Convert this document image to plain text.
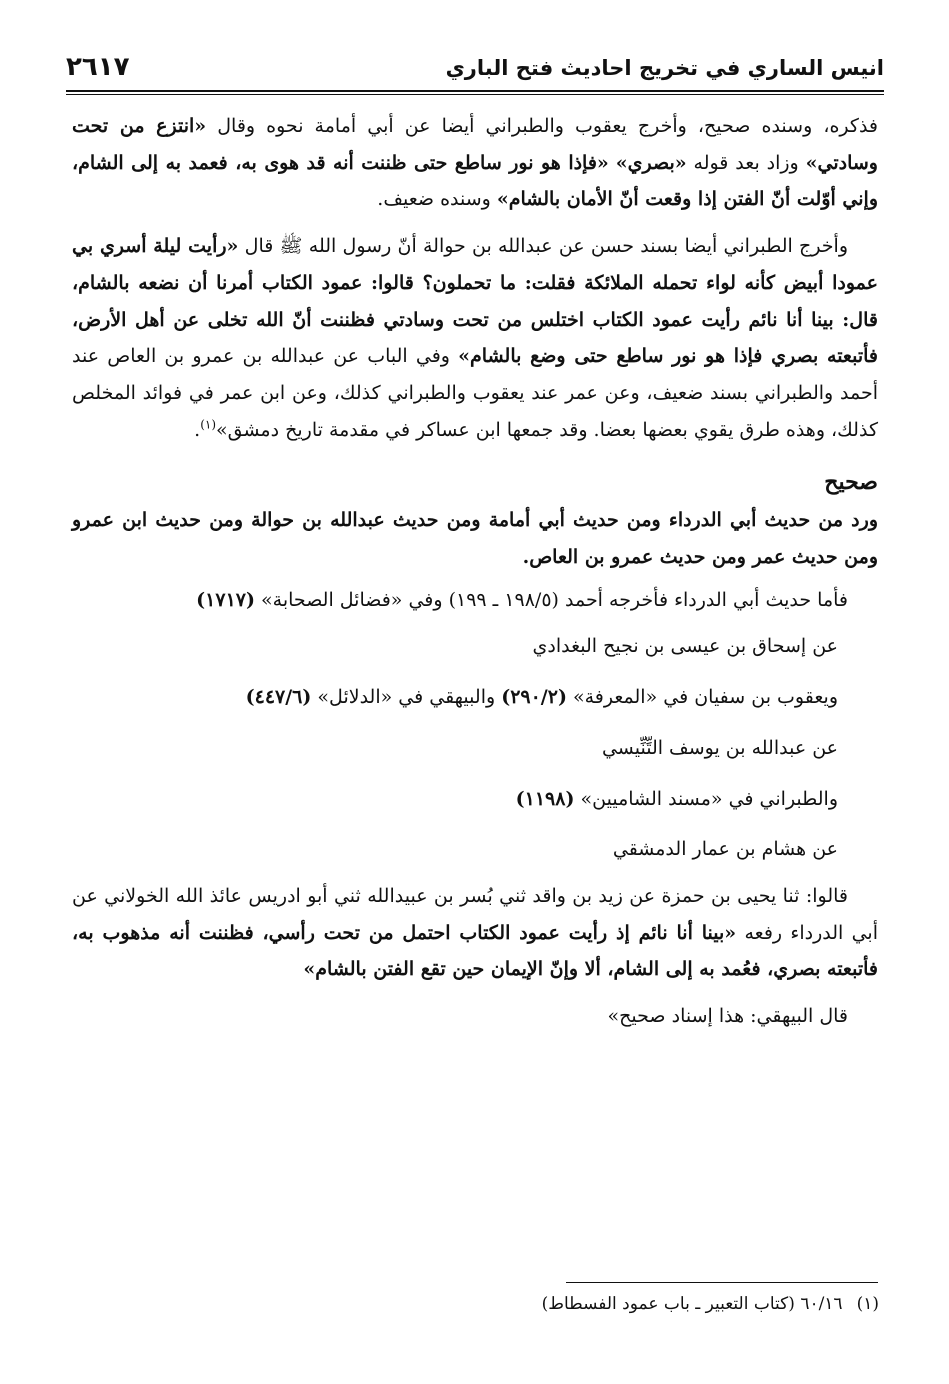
انيس الساري في تخريج احاديث فتح الباري
٢٦١٧

فذكره، وسنده صحيح، وأخرج يعقوب والطبراني أيضا عن أبي أمامة نحوه وقال «انتزع من تحت وسادتي» وزاد بعد قوله «بصري» «فإذا هو نور ساطع حتى ظننت أنه قد هوى به، فعمد به إلى الشام، وإني أوّلت أنّ الفتن إذا وقعت أنّ الأمان بالشام» وسنده ضعيف.

وأخرج الطبراني أيضا بسند حسن عن عبدالله بن حوالة أنّ رسول الله ﷺ قال «رأيت ليلة أسري بي عمودا أبيض كأنه لواء تحمله الملائكة فقلت: ما تحملون؟ قالوا: عمود الكتاب أمرنا أن نضعه بالشام، قال: بينا أنا نائم رأيت عمود الكتاب اختلس من تحت وسادتي فظننت أنّ الله تخلى عن أهل الأرض، فأتبعته بصري فإذا هو نور ساطع حتى وضع بالشام» وفي الباب عن عبدالله بن عمرو بن العاص عند أحمد والطبراني بسند ضعيف، وعن عمر عند يعقوب والطبراني كذلك، وعن ابن عمر في فوائد المخلص كذلك، وهذه طرق يقوي بعضها بعضا. وقد جمعها ابن عساكر في مقدمة تاريخ دمشق»$^{(١)}$.

صحيح

ورد من حديث أبي الدرداء ومن حديث أبي أمامة ومن حديث عبدالله بن حوالة ومن حديث ابن عمرو ومن حديث عمر ومن حديث عمرو بن العاص.

فأما حديث أبي الدرداء فأخرجه أحمد (١٩٨/٥ ـ ١٩٩) وفي «فضائل الصحابة» (١٧١٧)

عن إسحاق بن عيسى بن نجيح البغدادي
ويعقوب بن سفيان في «المعرفة» (٢٩٠/٢) والبيهقي في «الدلائل» (٤٤٧/٦)
عن عبدالله بن يوسف التِّنِّيسي
والطبراني في «مسند الشاميين» (١١٩٨)
عن هشام بن عمار الدمشقي

قالوا: ثنا يحيى بن حمزة عن زيد بن واقد ثني بُسر بن عبيدالله ثني أبو ادريس عائذ الله الخولاني عن أبي الدرداء رفعه «بينا أنا نائم إذ رأيت عمود الكتاب احتمل من تحت رأسي، فظننت أنه مذهوب به، فأتبعته بصري، فعُمد به إلى الشام، ألا وإنّ الإيمان حين تقع الفتن بالشام»

قال البيهقي: هذا إسناد صحيح»

(١)٦٠/١٦ (كتاب التعبير ـ باب عمود الفسطاط)
